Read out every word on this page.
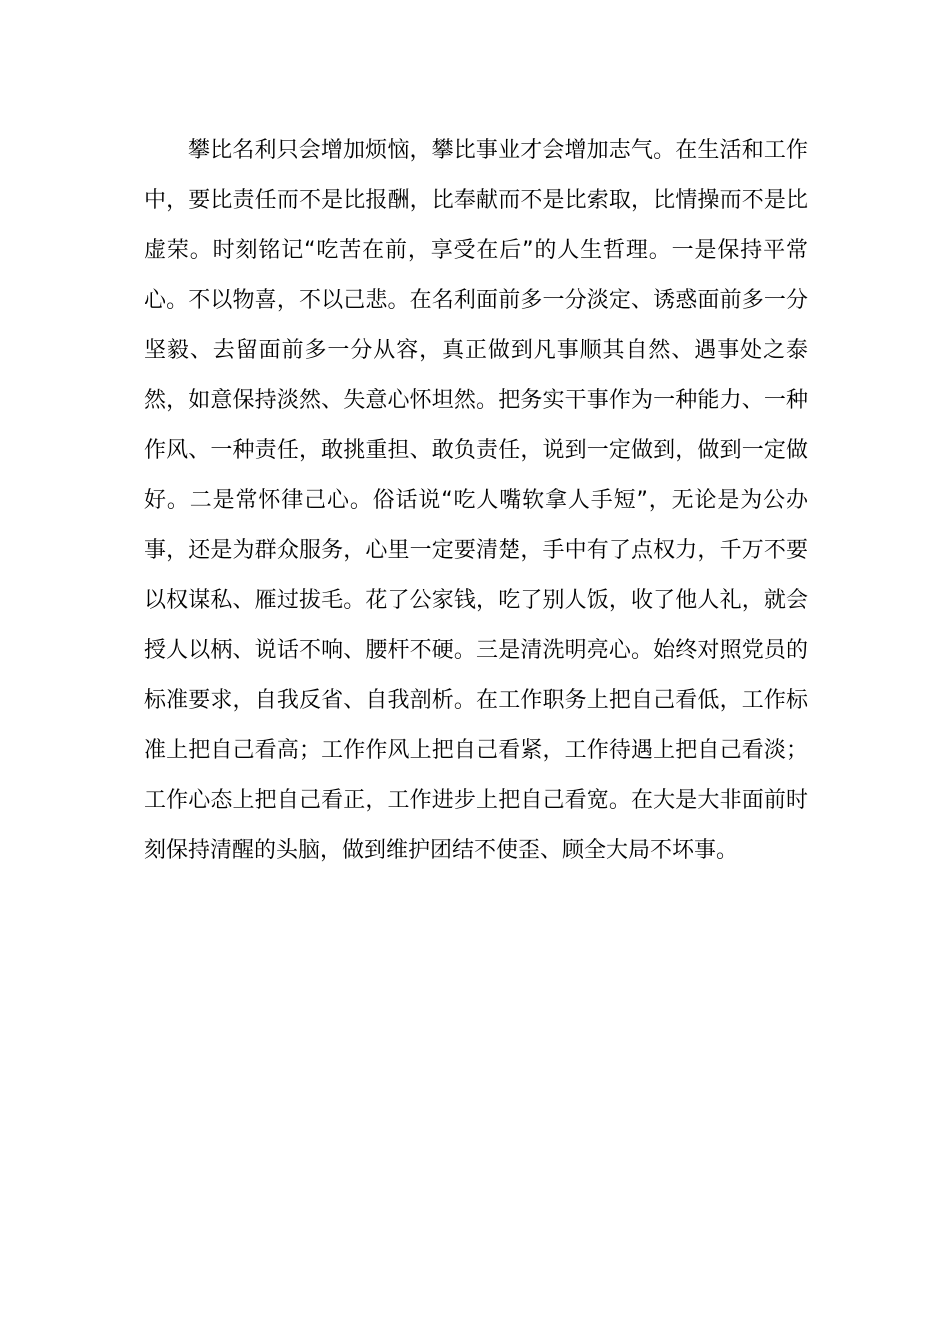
攀比名利只会增加烦恼，攀比事业才会增加志气。在生活和工作中，要比责任而不是比报酬，比奉献而不是比索取，比情操而不是比虚荣。时刻铭记“吃苦在前，享受在后”的人生哲理。一是保持平常心。不以物喜，不以己悲。在名利面前多一分淡定、诱惑面前多一分坚毅、去留面前多一分从容，真正做到凡事顺其自然、遇事处之泰然，如意保持淡然、失意心怀坦然。把务实干事作为一种能力、一种作风、一种责任，敢挑重担、敢负责任，说到一定做到，做到一定做好。二是常怀律己心。俗话说“吃人嘴软拿人手短”，无论是为公办事，还是为群众服务，心里一定要清楚，手中有了点权力，千万不要以权谋私、雁过拔毛。花了公家钱，吃了别人饭，收了他人礼，就会授人以柄、说话不响、腰杆不硬。三是清洗明亮心。始终对照党员的标准要求，自我反省、自我剖析。在工作职务上把自己看低，工作标准上把自己看高；工作作风上把自己看紧，工作待遇上把自己看淡；工作心态上把自己看正，工作进步上把自己看宽。在大是大非面前时刻保持清醒的头脑，做到维护团结不使歪、顾全大局不坏事。
